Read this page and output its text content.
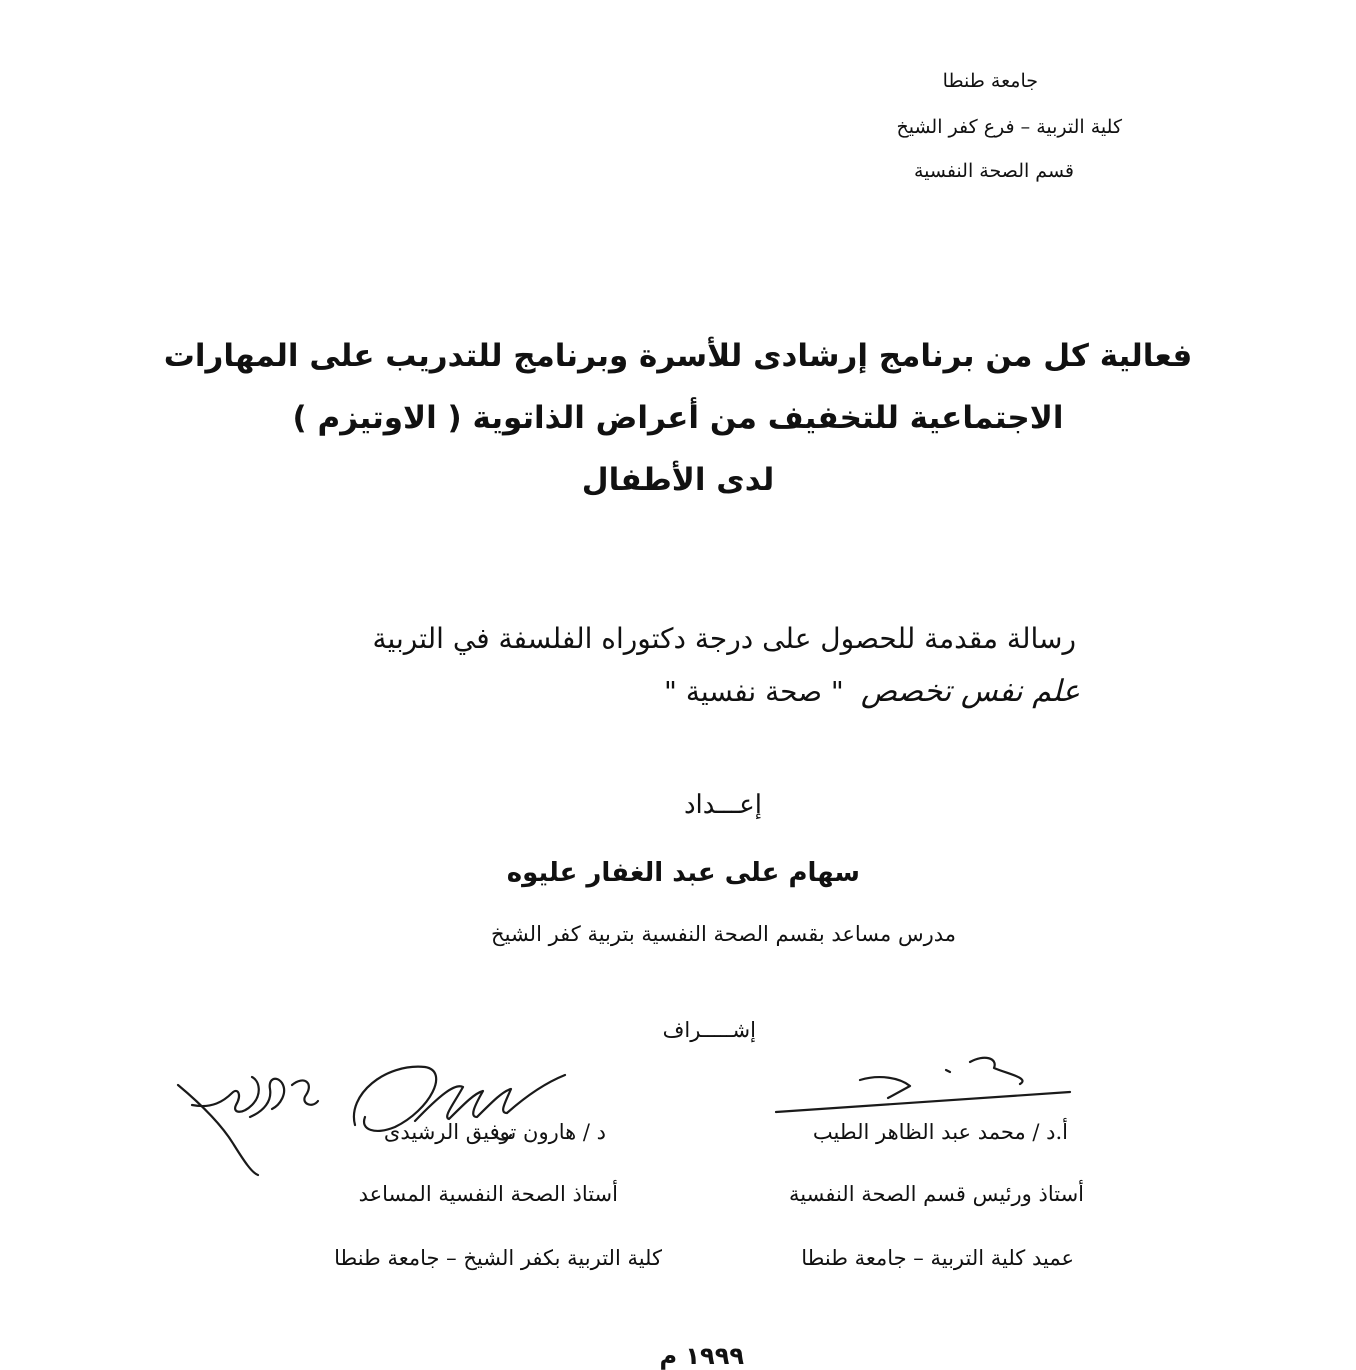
جامعة طنطا
كلية التربية – فرع كفر الشيخ
قسم الصحة النفسية
فعالية كل من برنامج إرشادى للأسرة وبرنامج للتدريب على المهارات
الاجتماعية للتخفيف من أعراض الذاتوية ( الاوتيزم )
لدى الأطفال
رسالة مقدمة للحصول على درجة دكتوراه الفلسفة في التربية
علم نفس تخصص " صحة نفسية "
إعـــداد
سهام على عبد الغفار عليوه
مدرس مساعد بقسم الصحة النفسية بتربية كفر الشيخ
إشـــــراف
أ.د / محمد عبد الظاهر الطيب
أستاذ ورئيس قسم الصحة النفسية
عميد كلية التربية – جامعة طنطا
د / هارون توفيق الرشيدى
أستاذ الصحة النفسية المساعد
كلية التربية بكفر الشيخ – جامعة طنطا
١٩٩٩ م
